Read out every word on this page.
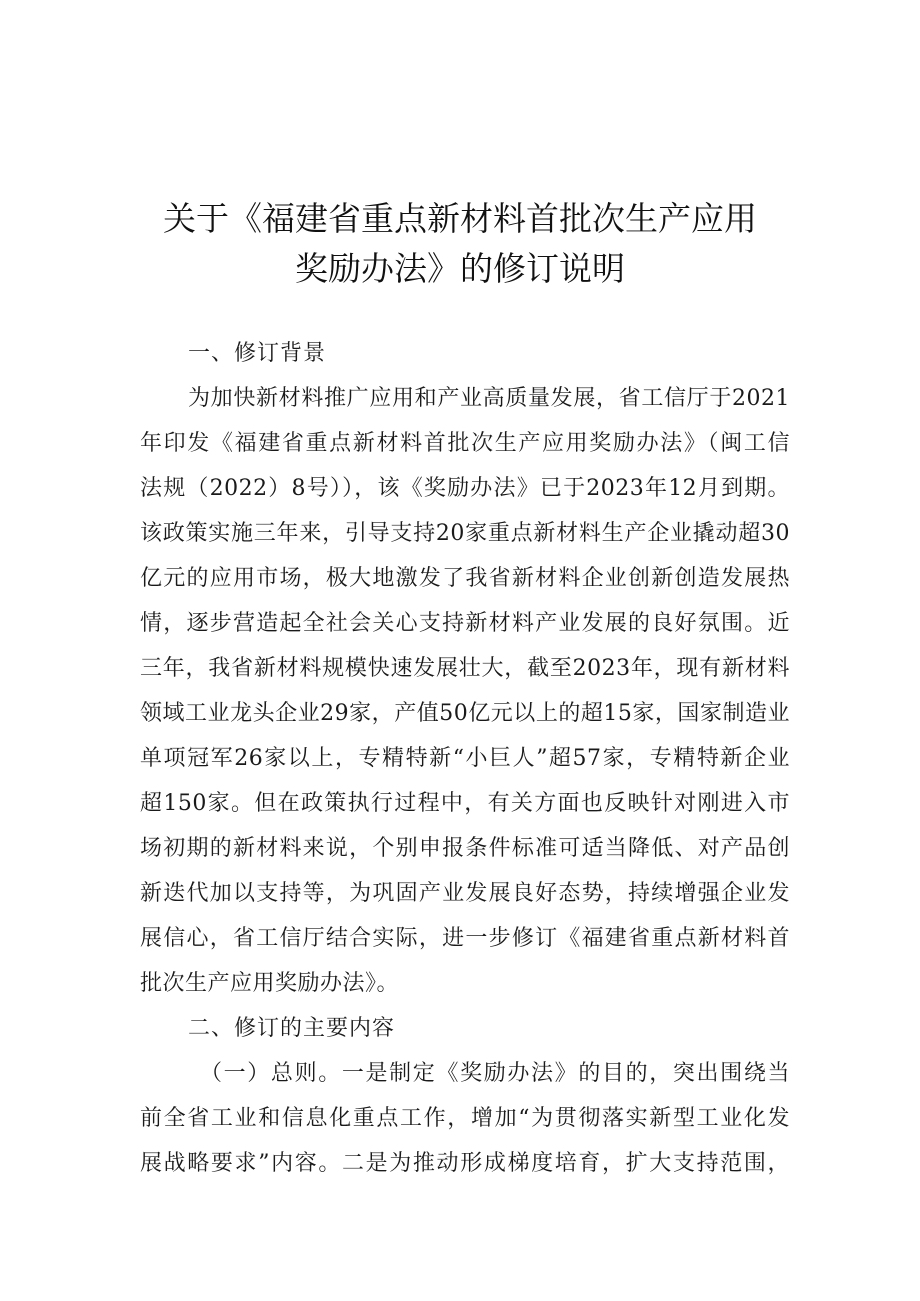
关于《福建省重点新材料首批次生产应用
奖励办法》的修订说明
一、修订背景
为加快新材料推广应用和产业高质量发展，省工信厅于2021
年印发《福建省重点新材料首批次生产应用奖励办法》（闽工信
法规（2022）8号）），该《奖励办法》已于2023年12月到期。
该政策实施三年来，引导支持20家重点新材料生产企业撬动超30
亿元的应用市场，极大地激发了我省新材料企业创新创造发展热
情，逐步营造起全社会关心支持新材料产业发展的良好氛围。近
三年，我省新材料规模快速发展壮大，截至2023年，现有新材料
领域工业龙头企业29家，产值50亿元以上的超15家，国家制造业
单项冠军26家以上，专精特新“小巨人”超57家，专精特新企业
超150家。但在政策执行过程中，有关方面也反映针对刚进入市
场初期的新材料来说，个别申报条件标准可适当降低、对产品创
新迭代加以支持等，为巩固产业发展良好态势，持续增强企业发
展信心，省工信厅结合实际，进一步修订《福建省重点新材料首
批次生产应用奖励办法》。
二、修订的主要内容
（一）总则。一是制定《奖励办法》的目的，突出围绕当
前全省工业和信息化重点工作，增加“为贯彻落实新型工业化发
展战略要求”内容。二是为推动形成梯度培育，扩大支持范围，
